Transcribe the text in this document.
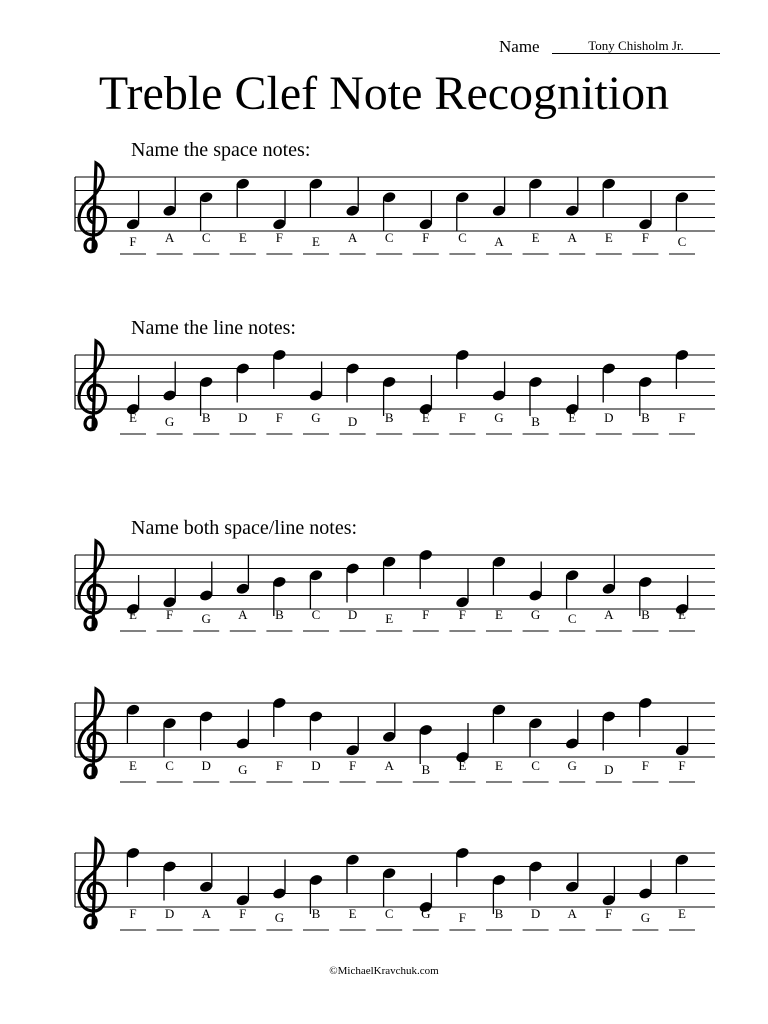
F A C E F E A C F C A E A E F C
E G B D F G D B E F G B E D B F
E F G A B C D E F F E G C A B E
E C D G F D F A B E E C G D F F
F D A F G B E C G F B D A F G E
Name	Tony Chisholm Jr.
Treble Clef Note Recognition
Name the space notes:
Name the line notes:
Name both space/line notes:
©MichaelKravchuk.com
